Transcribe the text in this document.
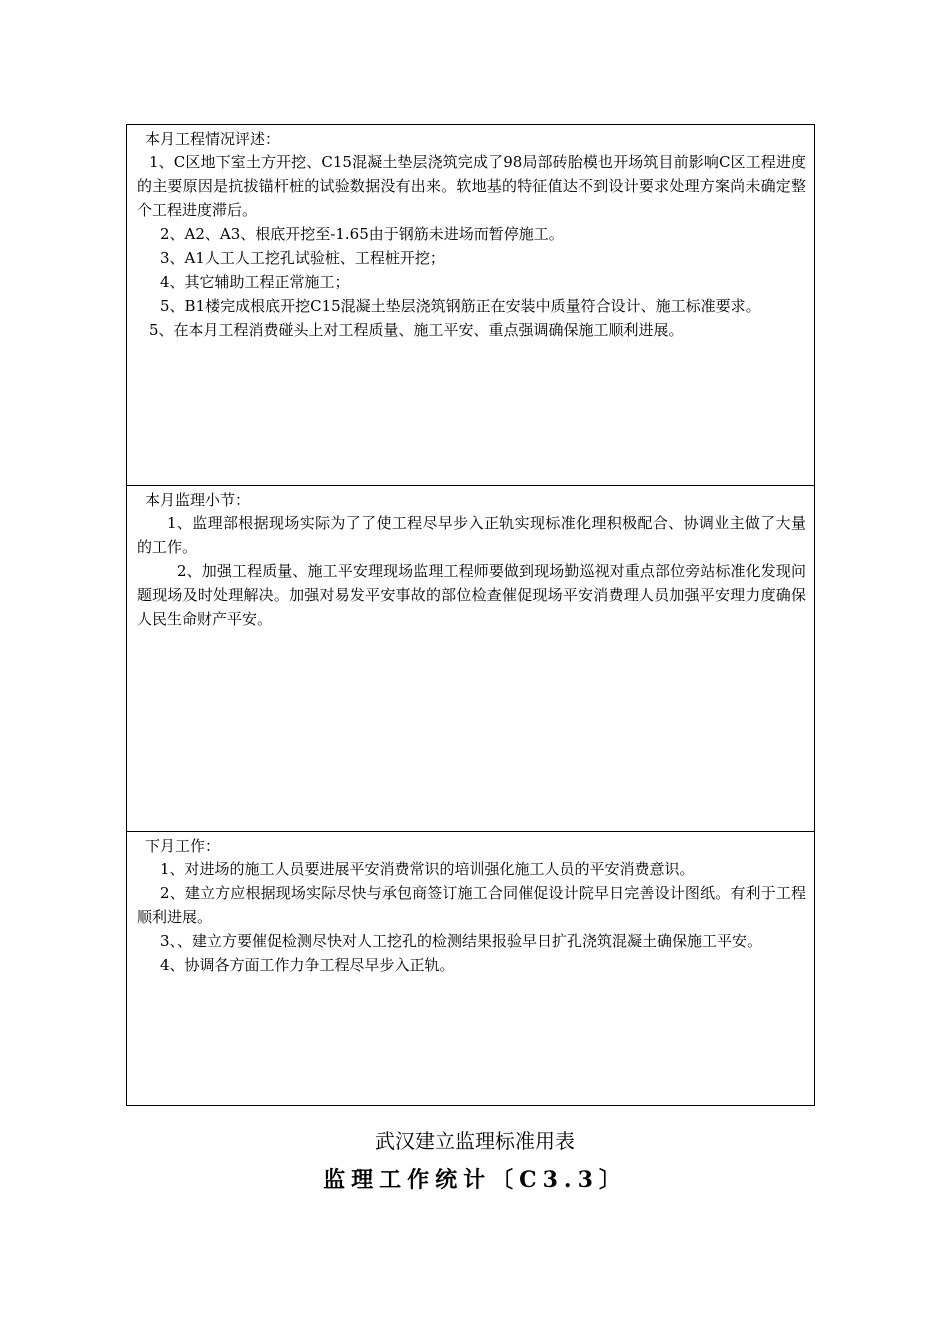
本月工程情况评述：

1、C区地下室土方开挖、C15混凝土垫层浇筑完成了98局部砖胎模也开场筑目前影响C区工程进度的主要原因是抗拔锚杆桩的试验数据没有出来。软地基的特征值达不到设计要求处理方案尚未确定整个工程进度滞后。

2、A2、A3、根底开挖至-1.65由于钢筋未进场而暂停施工。

3、A1人工人工挖孔试验桩、工程桩开挖；

4、其它辅助工程正常施工；

5、B1楼完成根底开挖C15混凝土垫层浇筑钢筋正在安装中质量符合设计、施工标准要求。

5、在本月工程消费碰头上对工程质量、施工平安、重点强调确保施工顺利进展。

本月监理小节：

1、监理部根据现场实际为了了使工程尽早步入正轨实现标准化理积极配合、协调业主做了大量的工作。

2、加强工程质量、施工平安理现场监理工程师要做到现场勤巡视对重点部位旁站标准化发现问题现场及时处理解决。加强对易发平安事故的部位检查催促现场平安消费理人员加强平安理力度确保人民生命财产平安。

下月工作：

1、对进场的施工人员要进展平安消费常识的培训强化施工人员的平安消费意识。

2、建立方应根据现场实际尽快与承包商签订施工合同催促设计院早日完善设计图纸。有利于工程顺利进展。

3、、建立方要催促检测尽快对人工挖孔的检测结果报验早日扩孔浇筑混凝土确保施工平安。

4、协调各方面工作力争工程尽早步入正轨。

武汉建立监理标准用表
监理工作统计〔C3.3〕
